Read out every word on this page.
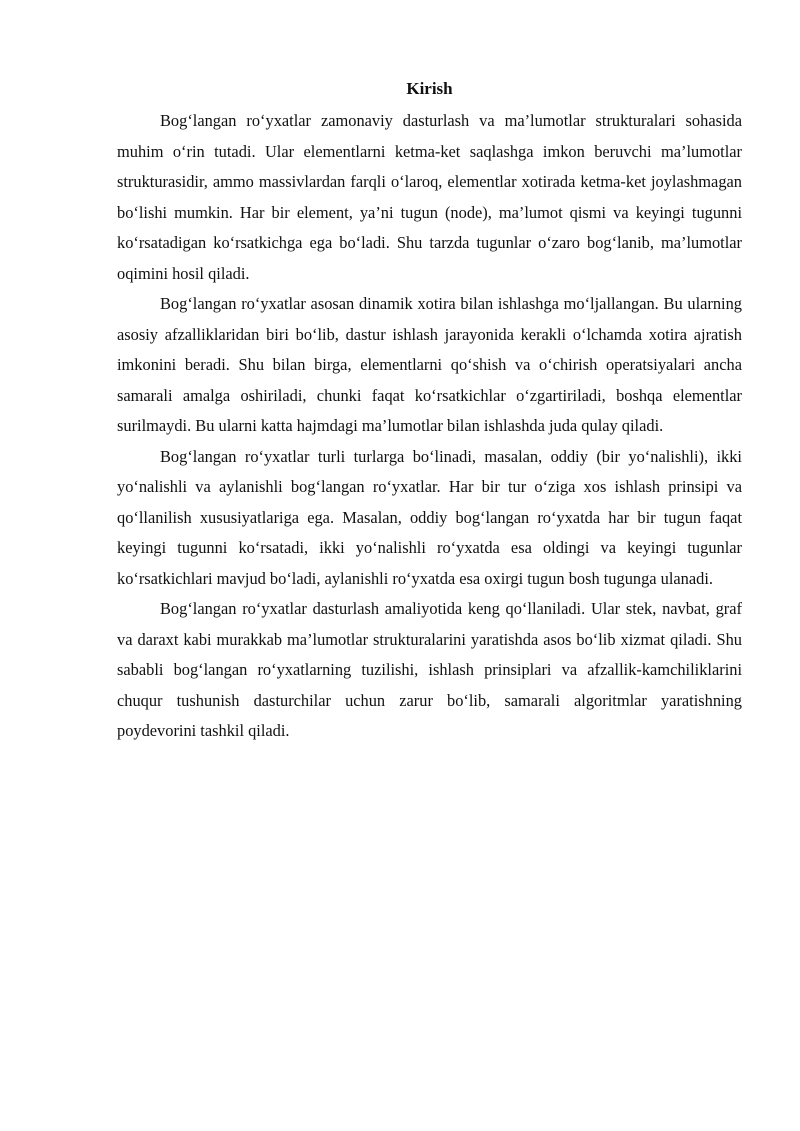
Kirish

Bog‘langan ro‘yxatlar zamonaviy dasturlash va ma’lumotlar strukturalari sohasida muhim o‘rin tutadi. Ular elementlarni ketma-ket saqlashga imkon beruvchi ma’lumotlar strukturasidir, ammo massivlardan farqli o‘laroq, elementlar xotirada ketma-ket joylashmagan bo‘lishi mumkin. Har bir element, ya’ni tugun (node), ma’lumot qismi va keyingi tugunni ko‘rsatadigan ko‘rsatkichga ega bo‘ladi. Shu tarzda tugunlar o‘zaro bog‘lanib, ma’lumotlar oqimini hosil qiladi.

Bog‘langan ro‘yxatlar asosan dinamik xotira bilan ishlashga mo‘ljallangan. Bu ularning asosiy afzalliklaridan biri bo‘lib, dastur ishlash jarayonida kerakli o‘lchamda xotira ajratish imkonini beradi. Shu bilan birga, elementlarni qo‘shish va o‘chirish operatsiyalari ancha samarali amalga oshiriladi, chunki faqat ko‘rsatkichlar o‘zgartiriladi, boshqa elementlar surilmaydi. Bu ularni katta hajmdagi ma’lumotlar bilan ishlashda juda qulay qiladi.

Bog‘langan ro‘yxatlar turli turlarga bo‘linadi, masalan, oddiy (bir yo‘nalishli), ikki yo‘nalishli va aylanishli bog‘langan ro‘yxatlar. Har bir tur o‘ziga xos ishlash prinsipi va qo‘llanilish xususiyatlariga ega. Masalan, oddiy bog‘langan ro‘yxatda har bir tugun faqat keyingi tugunni ko‘rsatadi, ikki yo‘nalishli ro‘yxatda esa oldingi va keyingi tugunlar ko‘rsatkichlari mavjud bo‘ladi, aylanishli ro‘yxatda esa oxirgi tugun bosh tugunga ulanadi.

Bog‘langan ro‘yxatlar dasturlash amaliyotida keng qo‘llaniladi. Ular stek, navbat, graf va daraxt kabi murakkab ma’lumotlar strukturalarini yaratishda asos bo‘lib xizmat qiladi. Shu sababli bog‘langan ro‘yxatlarning tuzilishi, ishlash prinsiplari va afzallik-kamchiliklarini chuqur tushunish dasturchilar uchun zarur bo‘lib, samarali algoritmlar yaratishning poydevorini tashkil qiladi.
